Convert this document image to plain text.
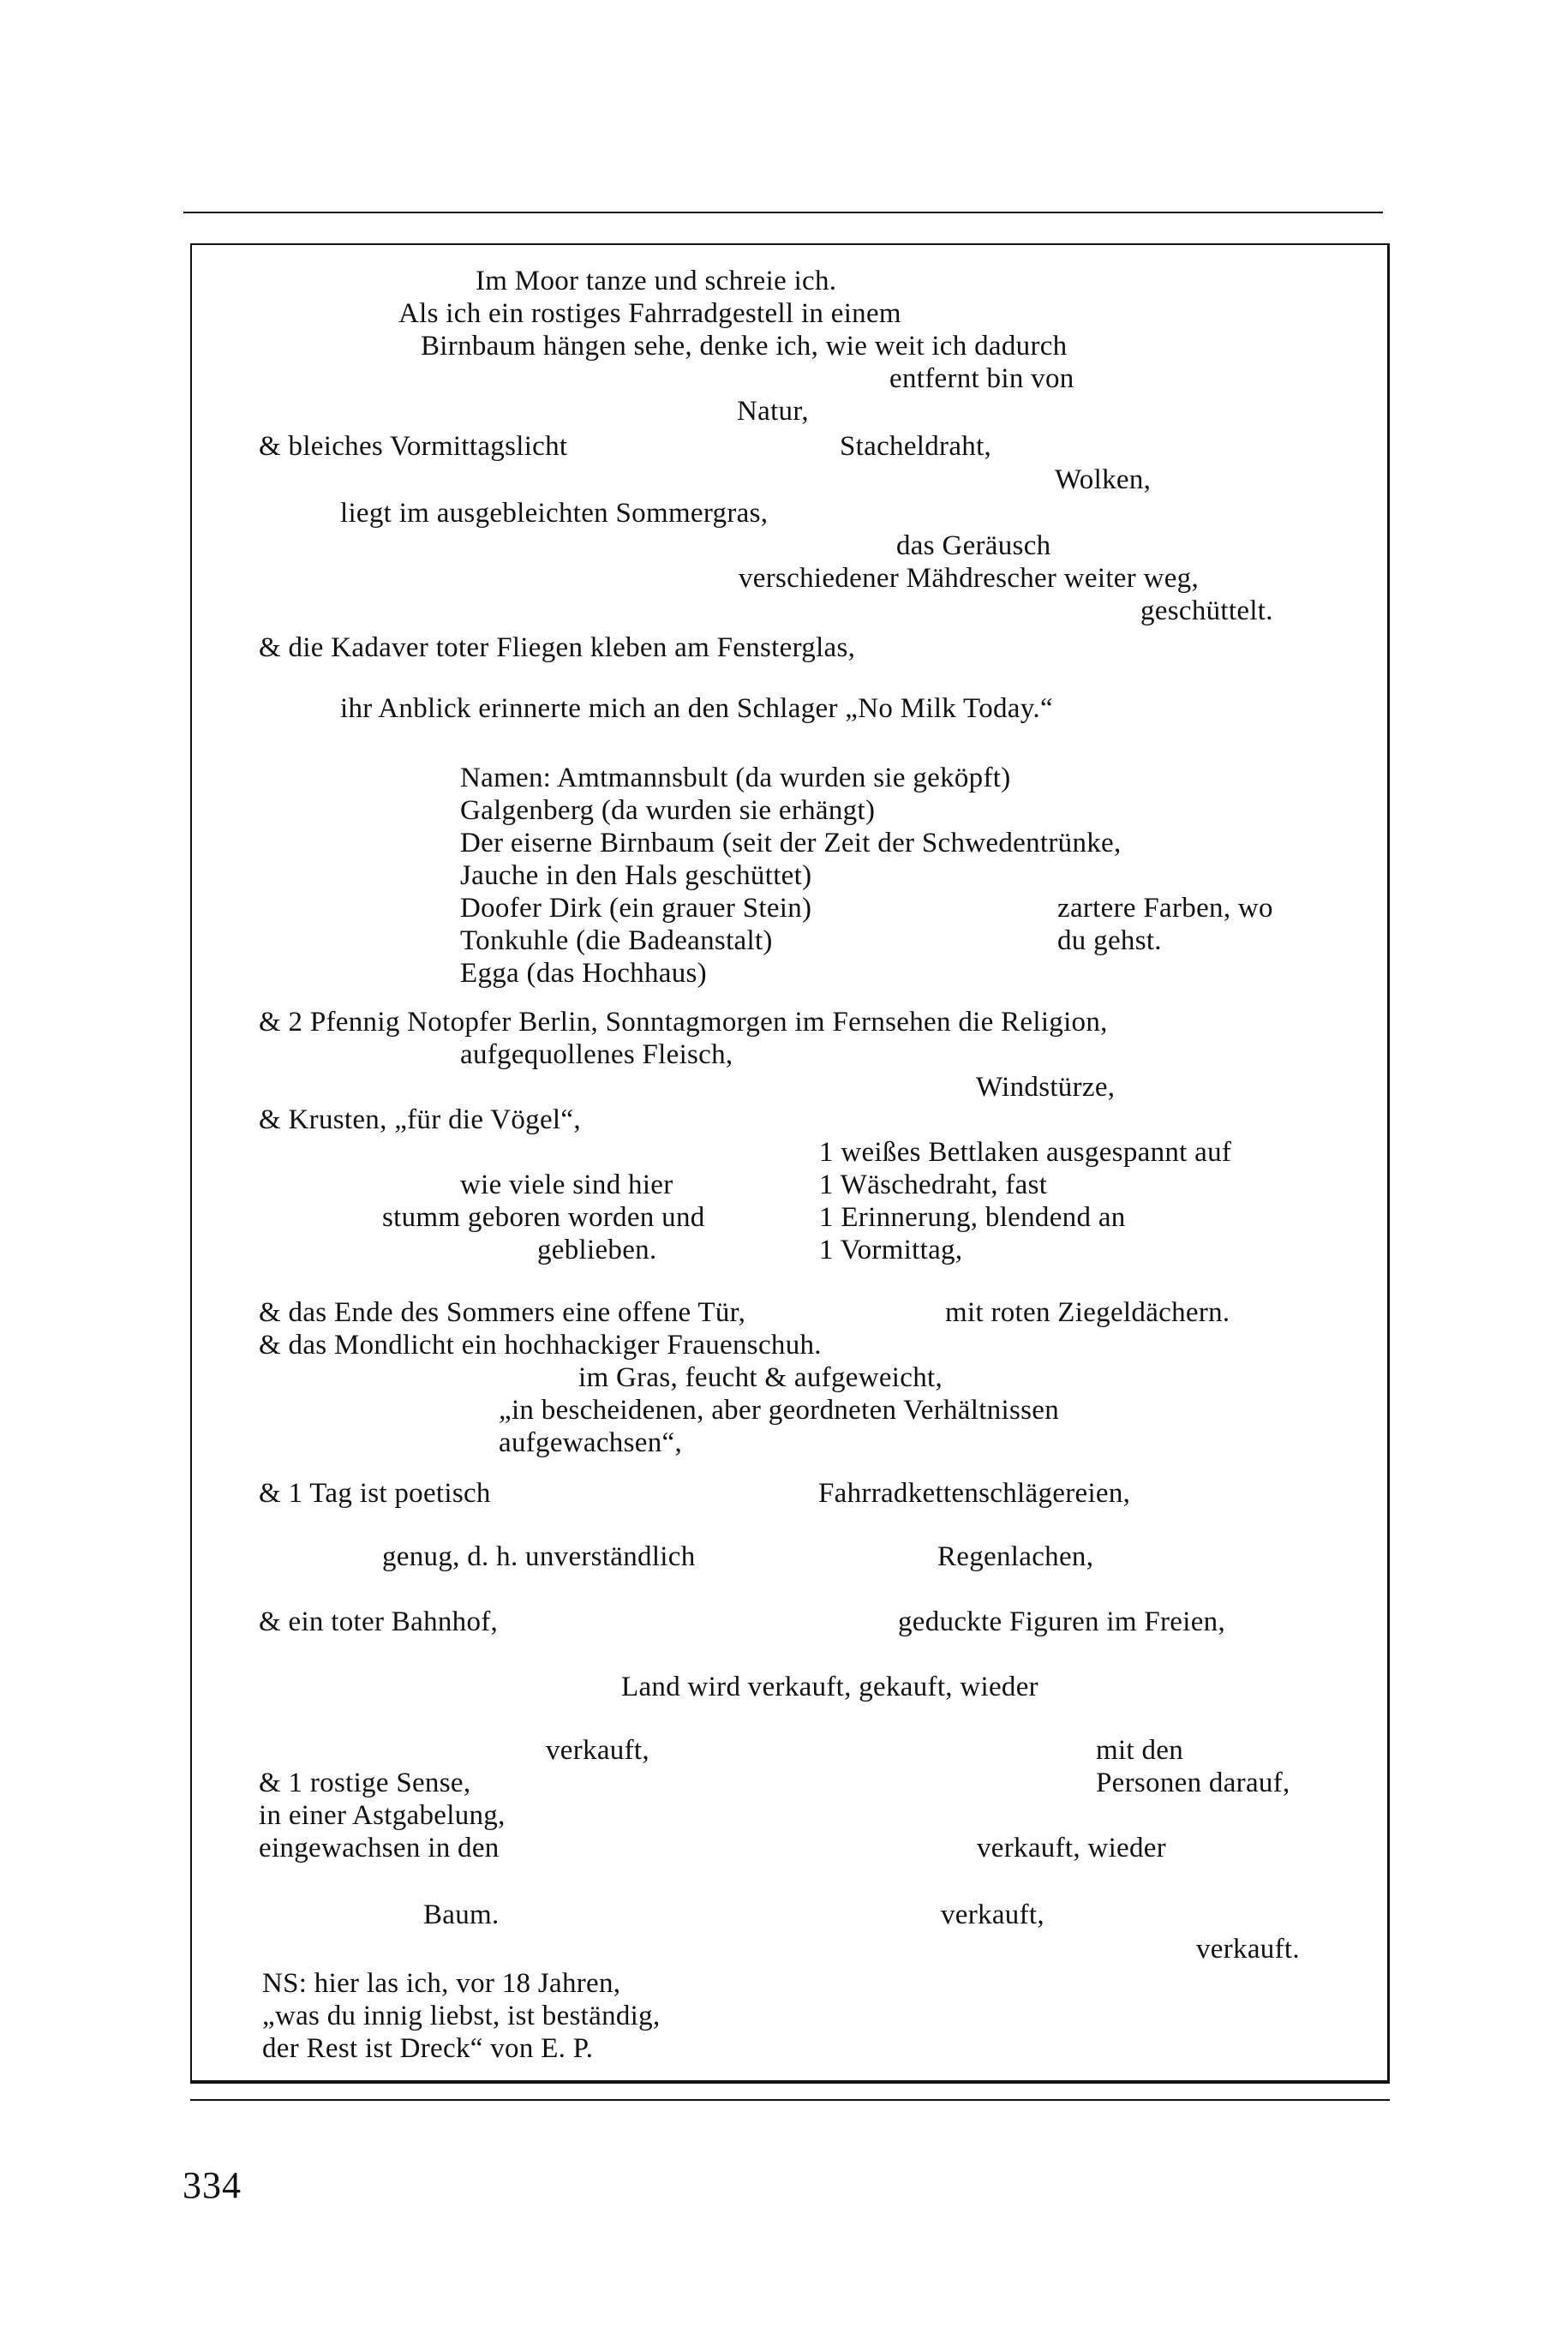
Im Moor tanze und schreie ich.
Als ich ein rostiges Fahrradgestell in einem
Birnbaum hängen sehe, denke ich, wie weit ich dadurch
entfernt bin von
Natur,
& bleiches Vormittagslicht	Stacheldraht,
Wolken,
liegt im ausgebleichten Sommergras,
das Geräusch
verschiedener Mähdrescher weiter weg,
geschüttelt.
& die Kadaver toter Fliegen kleben am Fensterglas,
ihr Anblick erinnerte mich an den Schlager „No Milk Today.“
Namen: Amtmannsbult (da wurden sie geköpft)
Galgenberg (da wurden sie erhängt)
Der eiserne Birnbaum (seit der Zeit der Schwedentrünke,
Jauche in den Hals geschüttet)
Doofer Dirk (ein grauer Stein)	zartere Farben, wo
Tonkuhle (die Badeanstalt)	du gehst.
Egga (das Hochhaus)
& 2 Pfennig Notopfer Berlin, Sonntagmorgen im Fernsehen die Religion,
aufgequollenes Fleisch,
Windstürze,
& Krusten, „für die Vögel“,
1 weißes Bettlaken ausgespannt auf
wie viele sind hier	1 Wäschedraht, fast
stumm geboren worden und	1 Erinnerung, blendend an
geblieben.	1 Vormittag,
& das Ende des Sommers eine offene Tür,	mit roten Ziegeldächern.
& das Mondlicht ein hochhackiger Frauenschuh.
im Gras, feucht & aufgeweicht,
„in bescheidenen, aber geordneten Verhältnissen
aufgewachsen“,
& 1 Tag ist poetisch	Fahrradkettenschlägereien,
genug, d. h. unverständlich	Regenlachen,
& ein toter Bahnhof,	geduckte Figuren im Freien,
Land wird verkauft, gekauft, wieder
verkauft,	mit den
& 1 rostige Sense,	Personen darauf,
in einer Astgabelung,
eingewachsen in den	verkauft, wieder
Baum.	verkauft,
verkauft.
NS: hier las ich, vor 18 Jahren,
„was du innig liebst, ist beständig,
der Rest ist Dreck“ von E. P.
334
